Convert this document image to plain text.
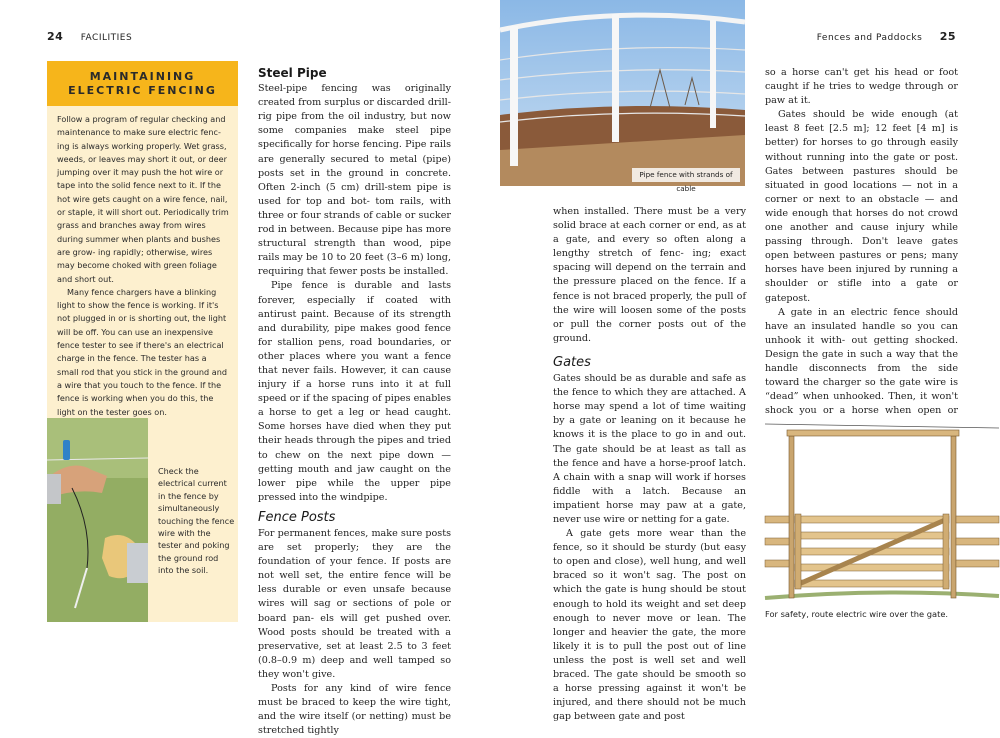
24 FACILITIES	Fences and Paddocks 25
MAINTAINING
ELECTRIC FENCING

Follow a program of regular checking and maintenance to make sure electric fenc- ing is always working properly. Wet grass, weeds, or leaves may short it out, or deer jumping over it may push the hot wire or tape into the solid fence next to it. If the hot wire gets caught on a wire fence, nail, or staple, it will short out. Periodically trim grass and branches away from wires during summer when plants and bushes are grow- ing rapidly; otherwise, wires may become choked with green foliage and short out.

Many fence chargers have a blinking light to show the fence is working. If it's not plugged in or is shorting out, the light will be off. You can use an inexpensive fence tester to see if there's an electrical charge in the fence. The tester has a small rod that you stick in the ground and a wire that you touch to the fence. If the fence is working when you do this, the light on the tester goes on.

Check the electrical current in the fence by simultaneously touching the fence wire with the tester and poking the ground rod into the soil.
Steel Pipe

Steel-pipe fencing was originally created from surplus or discarded drill-rig pipe from the oil industry, but now some companies make steel pipe specifically for horse fencing. Pipe rails are generally secured to metal (pipe) posts set in the ground in concrete. Often 2-inch (5 cm) drill-stem pipe is used for top and bot- tom rails, with three or four strands of cable or sucker rod in between. Because pipe has more structural strength than wood, pipe rails may be 10 to 20 feet (3–6 m) long, requiring that fewer posts be installed.

Pipe fence is durable and lasts forever, especially if coated with antirust paint. Because of its strength and durability, pipe makes good fence for stallion pens, road boundaries, or other places where you want a fence that never fails. However, it can cause injury if a horse runs into it at full speed or if the spacing of pipes enables a horse to get a leg or head caught. Some horses have died when they put their heads through the pipes and tried to chew on the next pipe down — getting mouth and jaw caught on the lower pipe while the upper pipe pressed into the windpipe.

Fence Posts

For permanent fences, make sure posts are set properly; they are the foundation of your fence. If posts are not well set, the entire fence will be less durable or even unsafe because wires will sag or sections of pole or board pan- els will get pushed over. Wood posts should be treated with a preservative, set at least 2.5 to 3 feet (0.8–0.9 m) deep and well tamped so they won't give.

Posts for any kind of wire fence must be braced to keep the wire tight, and the wire itself (or netting) must be stretched tightly

Pipe fence with strands of cable

when installed. There must be a very solid brace at each corner or end, as at a gate, and every so often along a lengthy stretch of fenc- ing; exact spacing will depend on the terrain and the pressure placed on the fence. If a fence is not braced properly, the pull of the wire will loosen some of the posts or pull the corner posts out of the ground.

Gates

Gates should be as durable and safe as the fence to which they are attached. A horse may spend a lot of time waiting by a gate or leaning on it because he knows it is the place to go in and out. The gate should be at least as tall as the fence and have a horse-proof latch. A chain with a snap will work if horses fiddle with a latch. Because an impatient horse may paw at a gate, never use wire or netting for a gate.

A gate gets more wear than the fence, so it should be sturdy (but easy to open and close), well hung, and well braced so it won't sag. The post on which the gate is hung should be stout enough to hold its weight and set deep enough to never move or lean. The longer and heavier the gate, the more likely it is to pull the post out of line unless the post is well set and well braced. The gate should be smooth so a horse pressing against it won't be injured, and there should not be much gap between gate and post

so a horse can't get his head or foot caught if he tries to wedge through or paw at it.

Gates should be wide enough (at least 8 feet [2.5 m]; 12 feet [4 m] is better) for horses to go through easily without running into the gate or post. Gates between pastures should be situated in good locations — not in a corner or next to an obstacle — and wide enough that horses do not crowd one another and cause injury while passing through. Don't leave gates open between pastures or pens; many horses have been injured by running a shoulder or stifle into a gate or gatepost.

A gate in an electric fence should have an insulated handle so you can unhook it with- out getting shocked. Design the gate in such a way that the handle disconnects from the side toward the charger so the gate wire is “dead” when unhooked. Then, it won't shock you or a horse when open or

For safety, route electric wire over the gate.
